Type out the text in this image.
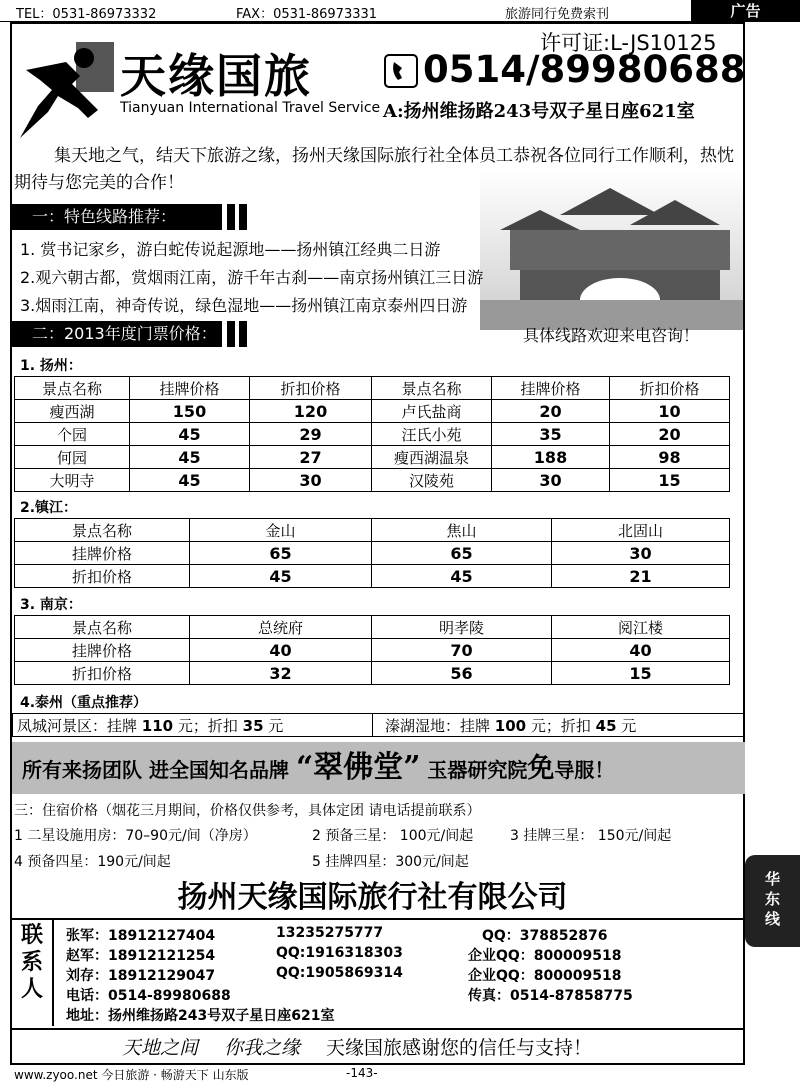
TEL：0531-86973332	FAX：0531-86973331	旅游同行免费索刊	广告
天缘国旅
Tianyuan International Travel Service
许可证:L-JS10125
0514/89980688
A:扬州维扬路243号双子星日座621室
集天地之气，结天下旅游之缘，扬州天缘国际旅行社全体员工恭祝各位同行工作顺利，热忱期待与您完美的合作！
一：特色线路推荐：
1. 赏书记家乡，游白蛇传说起源地——扬州镇江经典二日游
2.观六朝古都，赏烟雨江南，游千年古刹——南京扬州镇江三日游
3.烟雨江南，神奇传说，绿色湿地——扬州镇江南京泰州四日游
二：2013年度门票价格：	具体线路欢迎来电咨询！
1. 扬州：
景点名称	挂牌价格	折扣价格	景点名称	挂牌价格	折扣价格
瘦西湖	150	120	卢氏盐商	20	10
个园	45	29	汪氏小苑	35	20
何园	45	27	瘦西湖温泉	188	98
大明寺	45	30	汉陵苑	30	15
2.镇江：
景点名称	金山	焦山	北固山
挂牌价格	65	65	30
折扣价格	45	45	21
3. 南京：
景点名称	总统府	明孝陵	阅江楼
挂牌价格	40	70	40
折扣价格	32	56	15
4.泰州（重点推荐）
凤城河景区：挂牌 110 元；折扣 35 元	溱湖湿地：挂牌 100 元；折扣 45 元
所有来扬团队 进全国知名品牌 “翠佛堂” 玉器研究院免导服！
三：住宿价格（烟花三月期间，价格仅供参考，具体定团 请电话提前联系）
1 二星设施用房：70–90元/间（净房）	2 预备三星： 100元/间起	3 挂牌三星： 150元/间起
4 预备四星：190元/间起	5 挂牌四星：300元/间起
扬州天缘国际旅行社有限公司
联
系
人
张军：18912127404	13235275777	QQ：378852876
赵军：18912121254	QQ:1916318303	企业QQ：800009518
刘存：18912129047	QQ:1905869314	企业QQ：800009518
电话：0514-89980688	传真：0514-87858775
地址：扬州维扬路243号双子星日座621室
天地之间 你我之缘 天缘国旅感谢您的信任与支持！
www.zyoo.net 今日旅游 · 畅游天下 山东版	-143-
华东线
